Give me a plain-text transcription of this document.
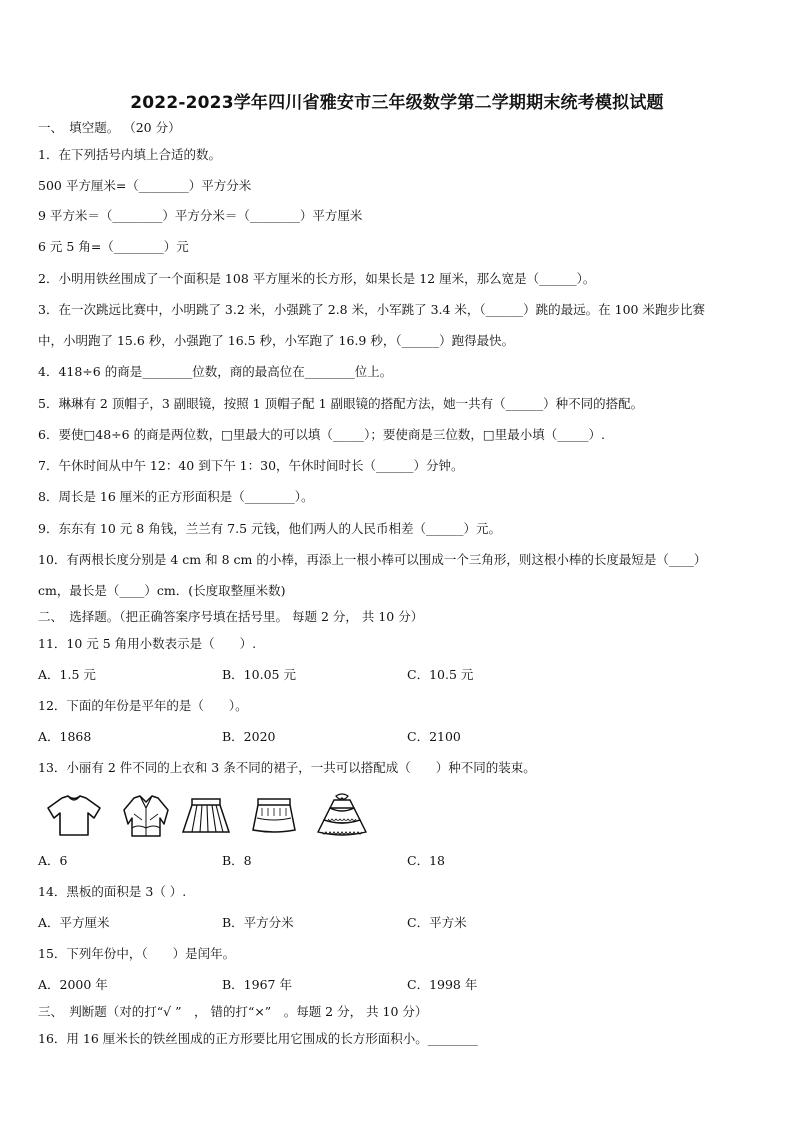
2022-2023学年四川省雅安市三年级数学第二学期期末统考模拟试题
一、　填空题。 （20 分）
1．在下列括号内填上合适的数。
500 平方厘米=（________）平方分米
9 平方米＝（________）平方分米＝（________）平方厘米
6 元 5 角=（________）元
2．小明用铁丝围成了一个面积是 108 平方厘米的长方形，如果长是 12 厘米，那么宽是（______）。
3．在一次跳远比赛中，小明跳了 3.2 米，小强跳了 2.8 米，小军跳了 3.4 米，（______）跳的最远。在 100 米跑步比赛
中，小明跑了 15.6 秒，小强跑了 16.5 秒，小军跑了 16.9 秒，（______）跑得最快。
4．418÷6 的商是________位数，商的最高位在________位上。
5．琳琳有 2 顶帽子，3 副眼镜，按照 1 顶帽子配 1 副眼镜的搭配方法，她一共有（______）种不同的搭配。
6．要使□48÷6 的商是两位数，□里最大的可以填（_____）；要使商是三位数，□里最小填（_____）.
7．午休时间从中午 12：40 到下午 1：30，午休时间时长（______）分钟。
8．周长是 16 厘米的正方形面积是（________）。
9．东东有 10 元 8 角钱，兰兰有 7.5 元钱，他们两人的人民币相差（______）元。
10．有两根长度分别是 4 cm 和 8 cm 的小棒，再添上一根小棒可以围成一个三角形，则这根小棒的长度最短是（____）
cm，最长是（____）cm．(长度取整厘米数)
二、　选择题。（把正确答案序号填在括号里。 每题 2 分， 共 10 分）
11．10 元 5 角用小数表示是（　　）.
A．1.5 元	B．10.05 元	C．10.5 元
12．下面的年份是平年的是（　　）。
A．1868	B．2020	C．2100
13．小丽有 2 件不同的上衣和 3 条不同的裙子，一共可以搭配成（　　）种不同的装束。
A．6	B．8	C．18
14．黑板的面积是 3（ ）.
A．平方厘米	B．平方分米	C．平方米
15．下列年份中，（　　）是闰年。
A．2000 年	B．1967 年	C．1998 年
三、　判断题（对的打“√ ”　， 错的打“×”　。每题 2 分， 共 10 分）
16．用 16 厘米长的铁丝围成的正方形要比用它围成的长方形面积小。________
